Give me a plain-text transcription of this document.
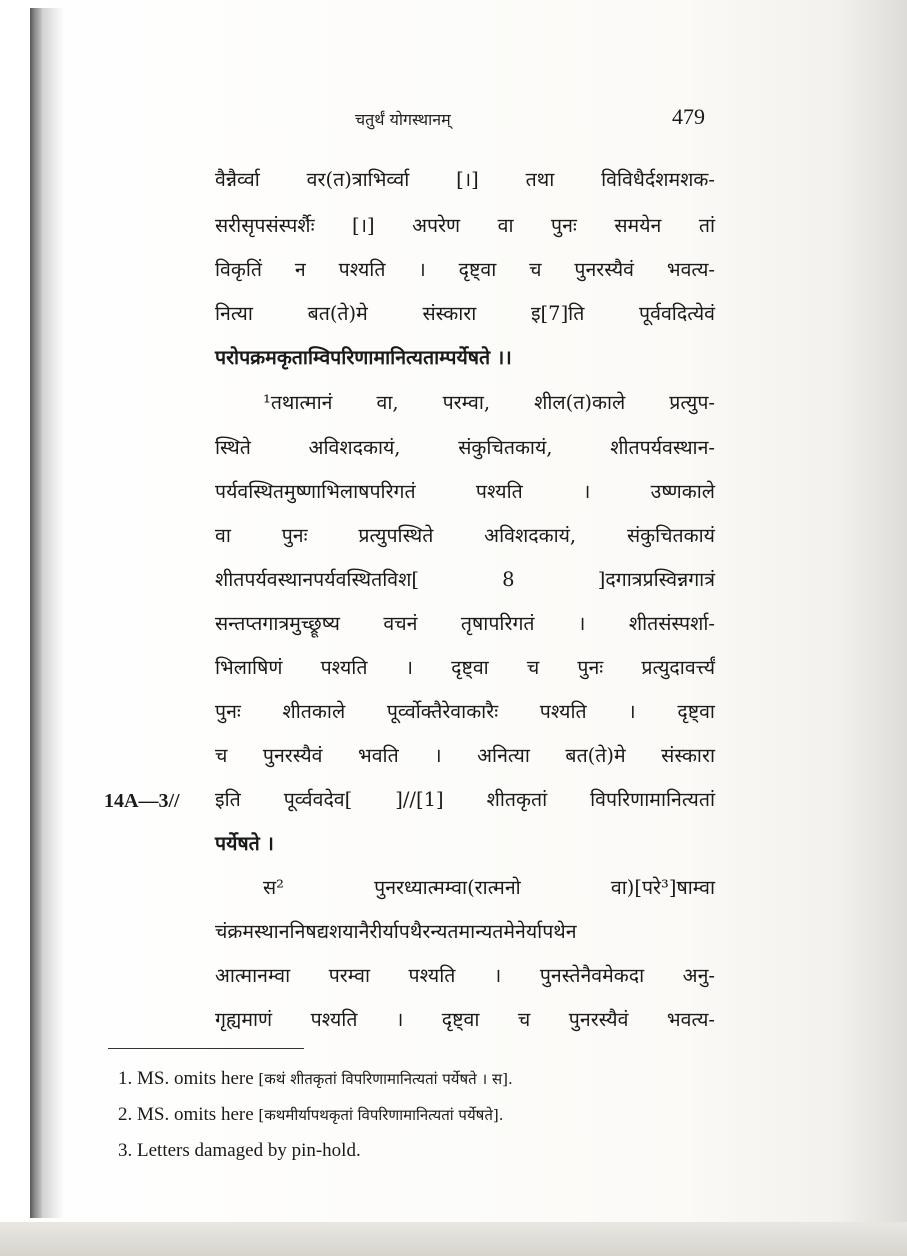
चतुर्थं योगस्थानम्	479
वैन्नैर्व्वा वर(त)त्राभिर्व्वा [।] तथा विविधैर्दशमशक-
सरीसृपसंस्पर्शैः [।] अपरेण वा पुनः समयेन तां
विकृतिं न पश्यति । दृष्ट्वा च पुनरस्यैवं भवत्य-
नित्या बत(ते)मे संस्कारा इ[7]ति पूर्ववदित्येवं
परोपक्रमकृताम्विपरिणामानित्यताम्पर्येषते ।।
¹तथात्मानं वा, परम्वा, शील(त)काले प्रत्युप-
स्थिते अविशदकायं, संकुचितकायं, शीतपर्यवस्थान-
पर्यवस्थितमुष्णाभिलाषपरिगतं पश्यति । उष्णकाले
वा पुनः प्रत्युपस्थिते अविशदकायं, संकुचितकायं
शीतपर्यवस्थानपर्यवस्थितविश[ 8 ]दगात्रप्रस्विन्नगात्रं
सन्तप्तगात्रमुच्छ्रूष्य वचनं तृषापरिगतं । शीतसंस्पर्शा-
भिलाषिणं पश्यति । दृष्ट्वा च पुनः प्रत्युदावर्त्त्यं
पुनः शीतकाले पूर्व्वोक्तैरेवाकारैः पश्यति । दृष्ट्वा
च पुनरस्यैवं भवति । अनित्या बत(ते)मे संस्कारा
14A—3// इति पूर्व्ववदेव[ ]//[1] शीतकृतां विपरिणामानित्यतां
पर्येषते ।
स² पुनरध्यात्मम्वा(रात्मनो वा)[परे³]षाम्वा
चंक्रमस्थाननिषद्यशयानैरीर्यापथैरन्यतमान्यतमेनेर्यापथेन
आत्मानम्वा परम्वा पश्यति । पुनस्तेनैवमेकदा अनु-
गृह्यमाणं पश्यति । दृष्ट्वा च पुनरस्यैवं भवत्य-
1. MS. omits here [कथं शीतकृतां विपरिणामानित्यतां पर्येषते । स].
2. MS. omits here [कथमीर्यापथकृतां विपरिणामानित्यतां पर्येषते].
3. Letters damaged by pin-hold.
